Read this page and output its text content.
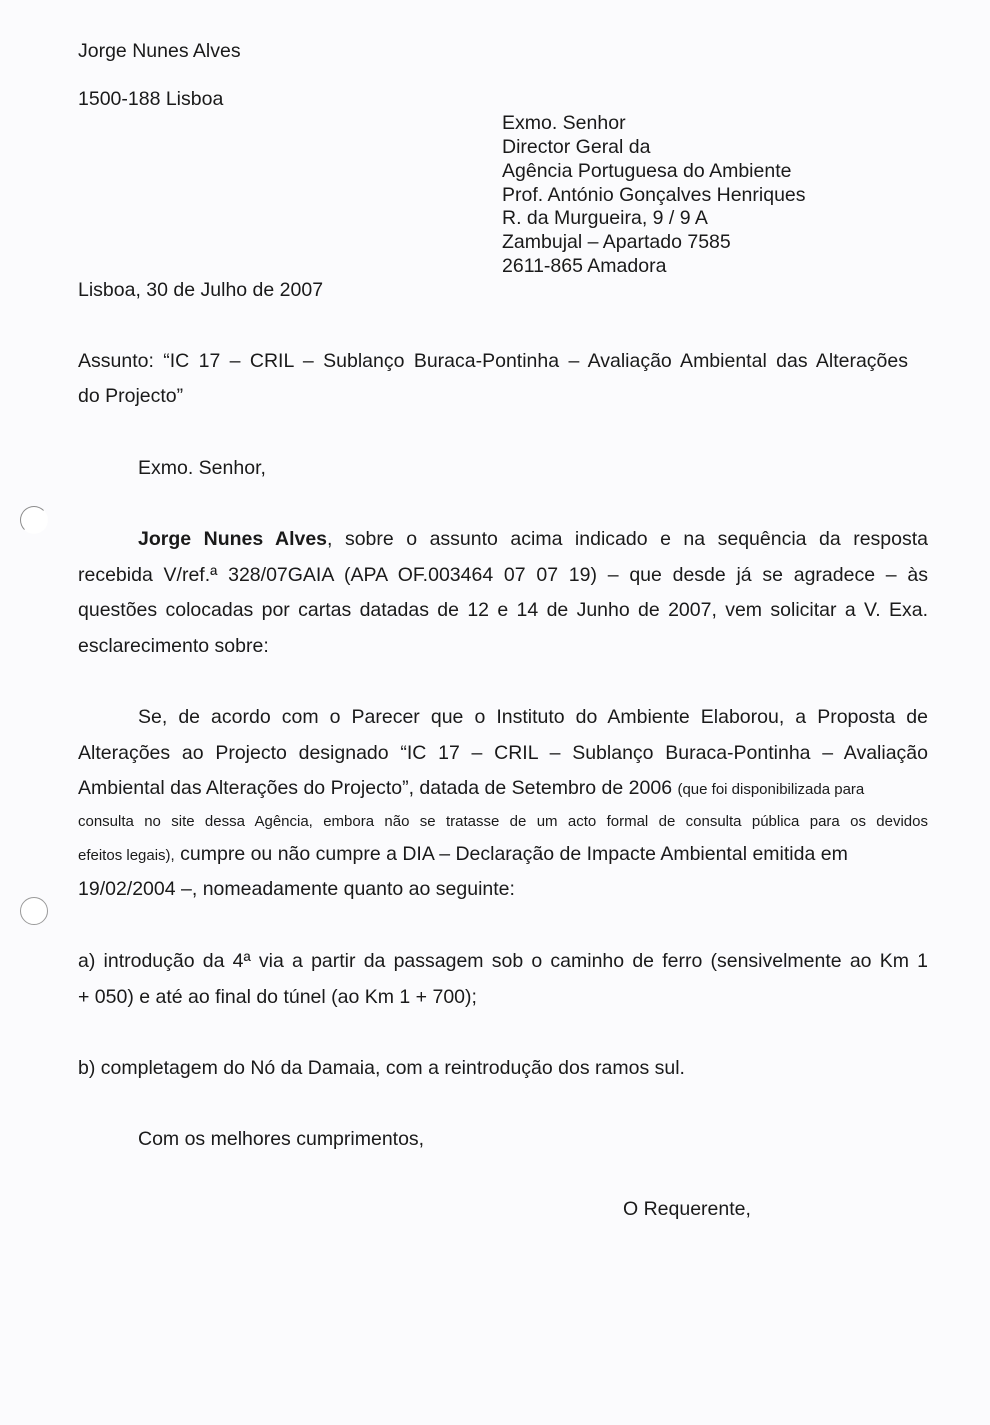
Jorge Nunes Alves
1500-188 Lisboa
Exmo. Senhor
Director Geral da
Agência Portuguesa do Ambiente
Prof. António Gonçalves Henriques
R. da Murgueira, 9 / 9 A
Zambujal – Apartado 7585
2611-865 Amadora
Lisboa, 30 de Julho de 2007
Assunto: “IC 17 – CRIL – Sublanço Buraca-Pontinha – Avaliação Ambiental das Alterações
do Projecto”
Exmo. Senhor,
Jorge Nunes Alves, sobre o assunto acima indicado e na sequência da resposta
recebida V/ref.ª 328/07GAIA (APA OF.003464 07 07 19) – que desde já se agradece – às
questões colocadas por cartas datadas de 12 e 14 de Junho de 2007, vem solicitar a V. Exa.
esclarecimento sobre:
Se, de acordo com o Parecer que o Instituto do Ambiente Elaborou, a Proposta de
Alterações ao Projecto designado “IC 17 – CRIL – Sublanço Buraca-Pontinha – Avaliação
Ambiental das Alterações do Projecto”, datada de Setembro de 2006 (que foi disponibilizada para
consulta no site dessa Agência, embora não se tratasse de um acto formal de consulta pública para os devidos
efeitos legais), cumpre ou não cumpre a DIA – Declaração de Impacte Ambiental emitida em
19/02/2004 –, nomeadamente quanto ao seguinte:
a) introdução da 4ª via a partir da passagem sob o caminho de ferro (sensivelmente ao Km 1
+ 050) e até ao final do túnel (ao Km 1 + 700);
b) completagem do Nó da Damaia, com a reintrodução dos ramos sul.
Com os melhores cumprimentos,
O Requerente,
